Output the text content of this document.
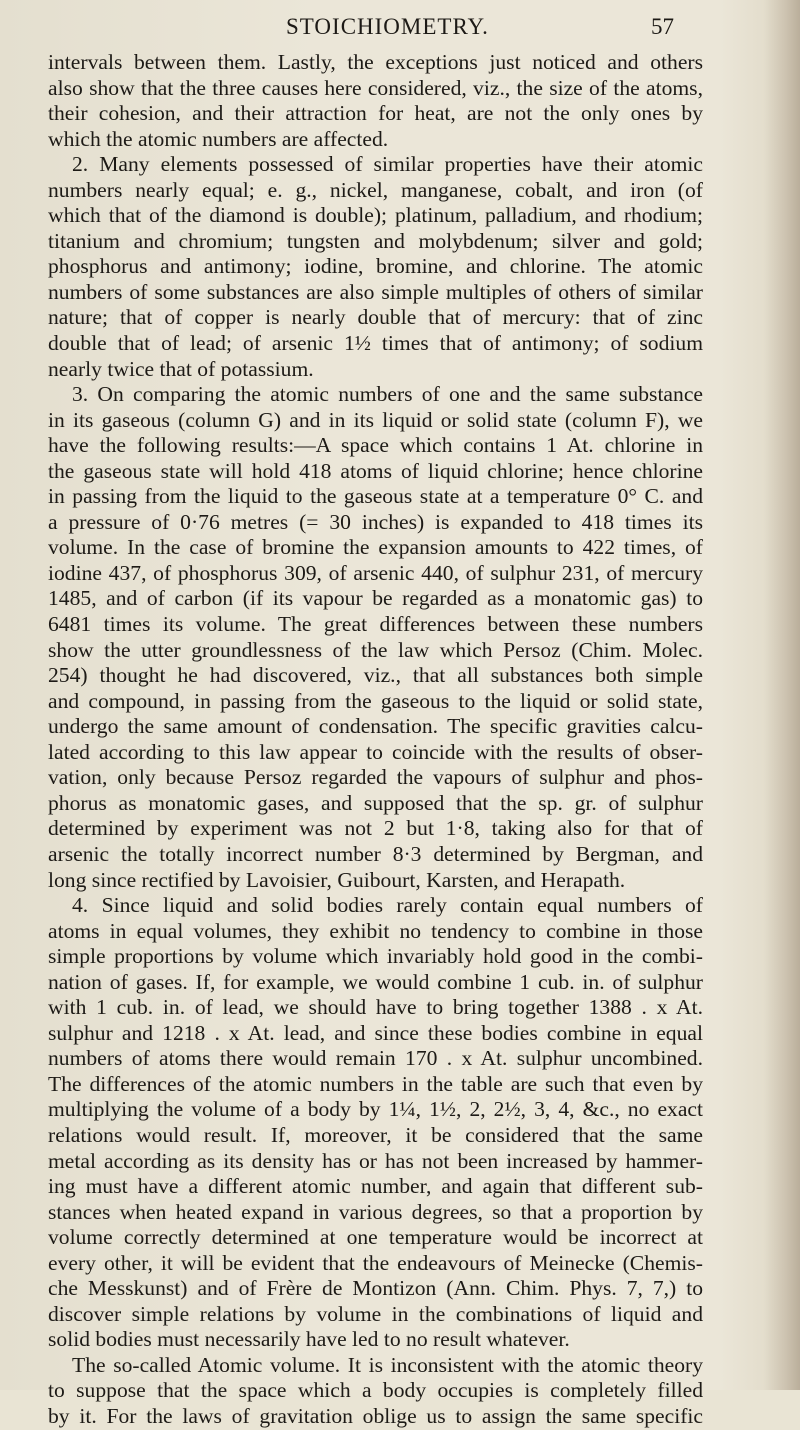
STOICHIOMETRY.	57
intervals between them. Lastly, the exceptions just noticed and others
also show that the three causes here considered, viz., the size of the atoms,
their cohesion, and their attraction for heat, are not the only ones by
which the atomic numbers are affected.
2. Many elements possessed of similar properties have their atomic
numbers nearly equal; e. g., nickel, manganese, cobalt, and iron (of
which that of the diamond is double); platinum, palladium, and rhodium;
titanium and chromium; tungsten and molybdenum; silver and gold;
phosphorus and antimony; iodine, bromine, and chlorine. The atomic
numbers of some substances are also simple multiples of others of similar
nature; that of copper is nearly double that of mercury: that of zinc
double that of lead; of arsenic 1½ times that of antimony; of sodium
nearly twice that of potassium.
3. On comparing the atomic numbers of one and the same substance
in its gaseous (column G) and in its liquid or solid state (column F), we
have the following results:—A space which contains 1 At. chlorine in
the gaseous state will hold 418 atoms of liquid chlorine; hence chlorine
in passing from the liquid to the gaseous state at a temperature 0° C. and
a pressure of 0·76 metres (= 30 inches) is expanded to 418 times its
volume. In the case of bromine the expansion amounts to 422 times, of
iodine 437, of phosphorus 309, of arsenic 440, of sulphur 231, of mercury
1485, and of carbon (if its vapour be regarded as a monatomic gas) to
6481 times its volume. The great differences between these numbers
show the utter groundlessness of the law which Persoz (Chim. Molec.
254) thought he had discovered, viz., that all substances both simple
and compound, in passing from the gaseous to the liquid or solid state,
undergo the same amount of condensation. The specific gravities calcu-
lated according to this law appear to coincide with the results of obser-
vation, only because Persoz regarded the vapours of sulphur and phos-
phorus as monatomic gases, and supposed that the sp. gr. of sulphur
determined by experiment was not 2 but 1·8, taking also for that of
arsenic the totally incorrect number 8·3 determined by Bergman, and
long since rectified by Lavoisier, Guibourt, Karsten, and Herapath.
4. Since liquid and solid bodies rarely contain equal numbers of
atoms in equal volumes, they exhibit no tendency to combine in those
simple proportions by volume which invariably hold good in the combi-
nation of gases. If, for example, we would combine 1 cub. in. of sulphur
with 1 cub. in. of lead, we should have to bring together 1388 . x At.
sulphur and 1218 . x At. lead, and since these bodies combine in equal
numbers of atoms there would remain 170 . x At. sulphur uncombined.
The differences of the atomic numbers in the table are such that even by
multiplying the volume of a body by 1¼, 1½, 2, 2½, 3, 4, &c., no exact
relations would result. If, moreover, it be considered that the same
metal according as its density has or has not been increased by hammer-
ing must have a different atomic number, and again that different sub-
stances when heated expand in various degrees, so that a proportion by
volume correctly determined at one temperature would be incorrect at
every other, it will be evident that the endeavours of Meinecke (Chemis-
che Messkunst) and of Frère de Montizon (Ann. Chim. Phys. 7, 7,) to
discover simple relations by volume in the combinations of liquid and
solid bodies must necessarily have led to no result whatever.
The so-called Atomic volume. It is inconsistent with the atomic theory
to suppose that the space which a body occupies is completely filled
by it. For the laws of gravitation oblige us to assign the same specific
